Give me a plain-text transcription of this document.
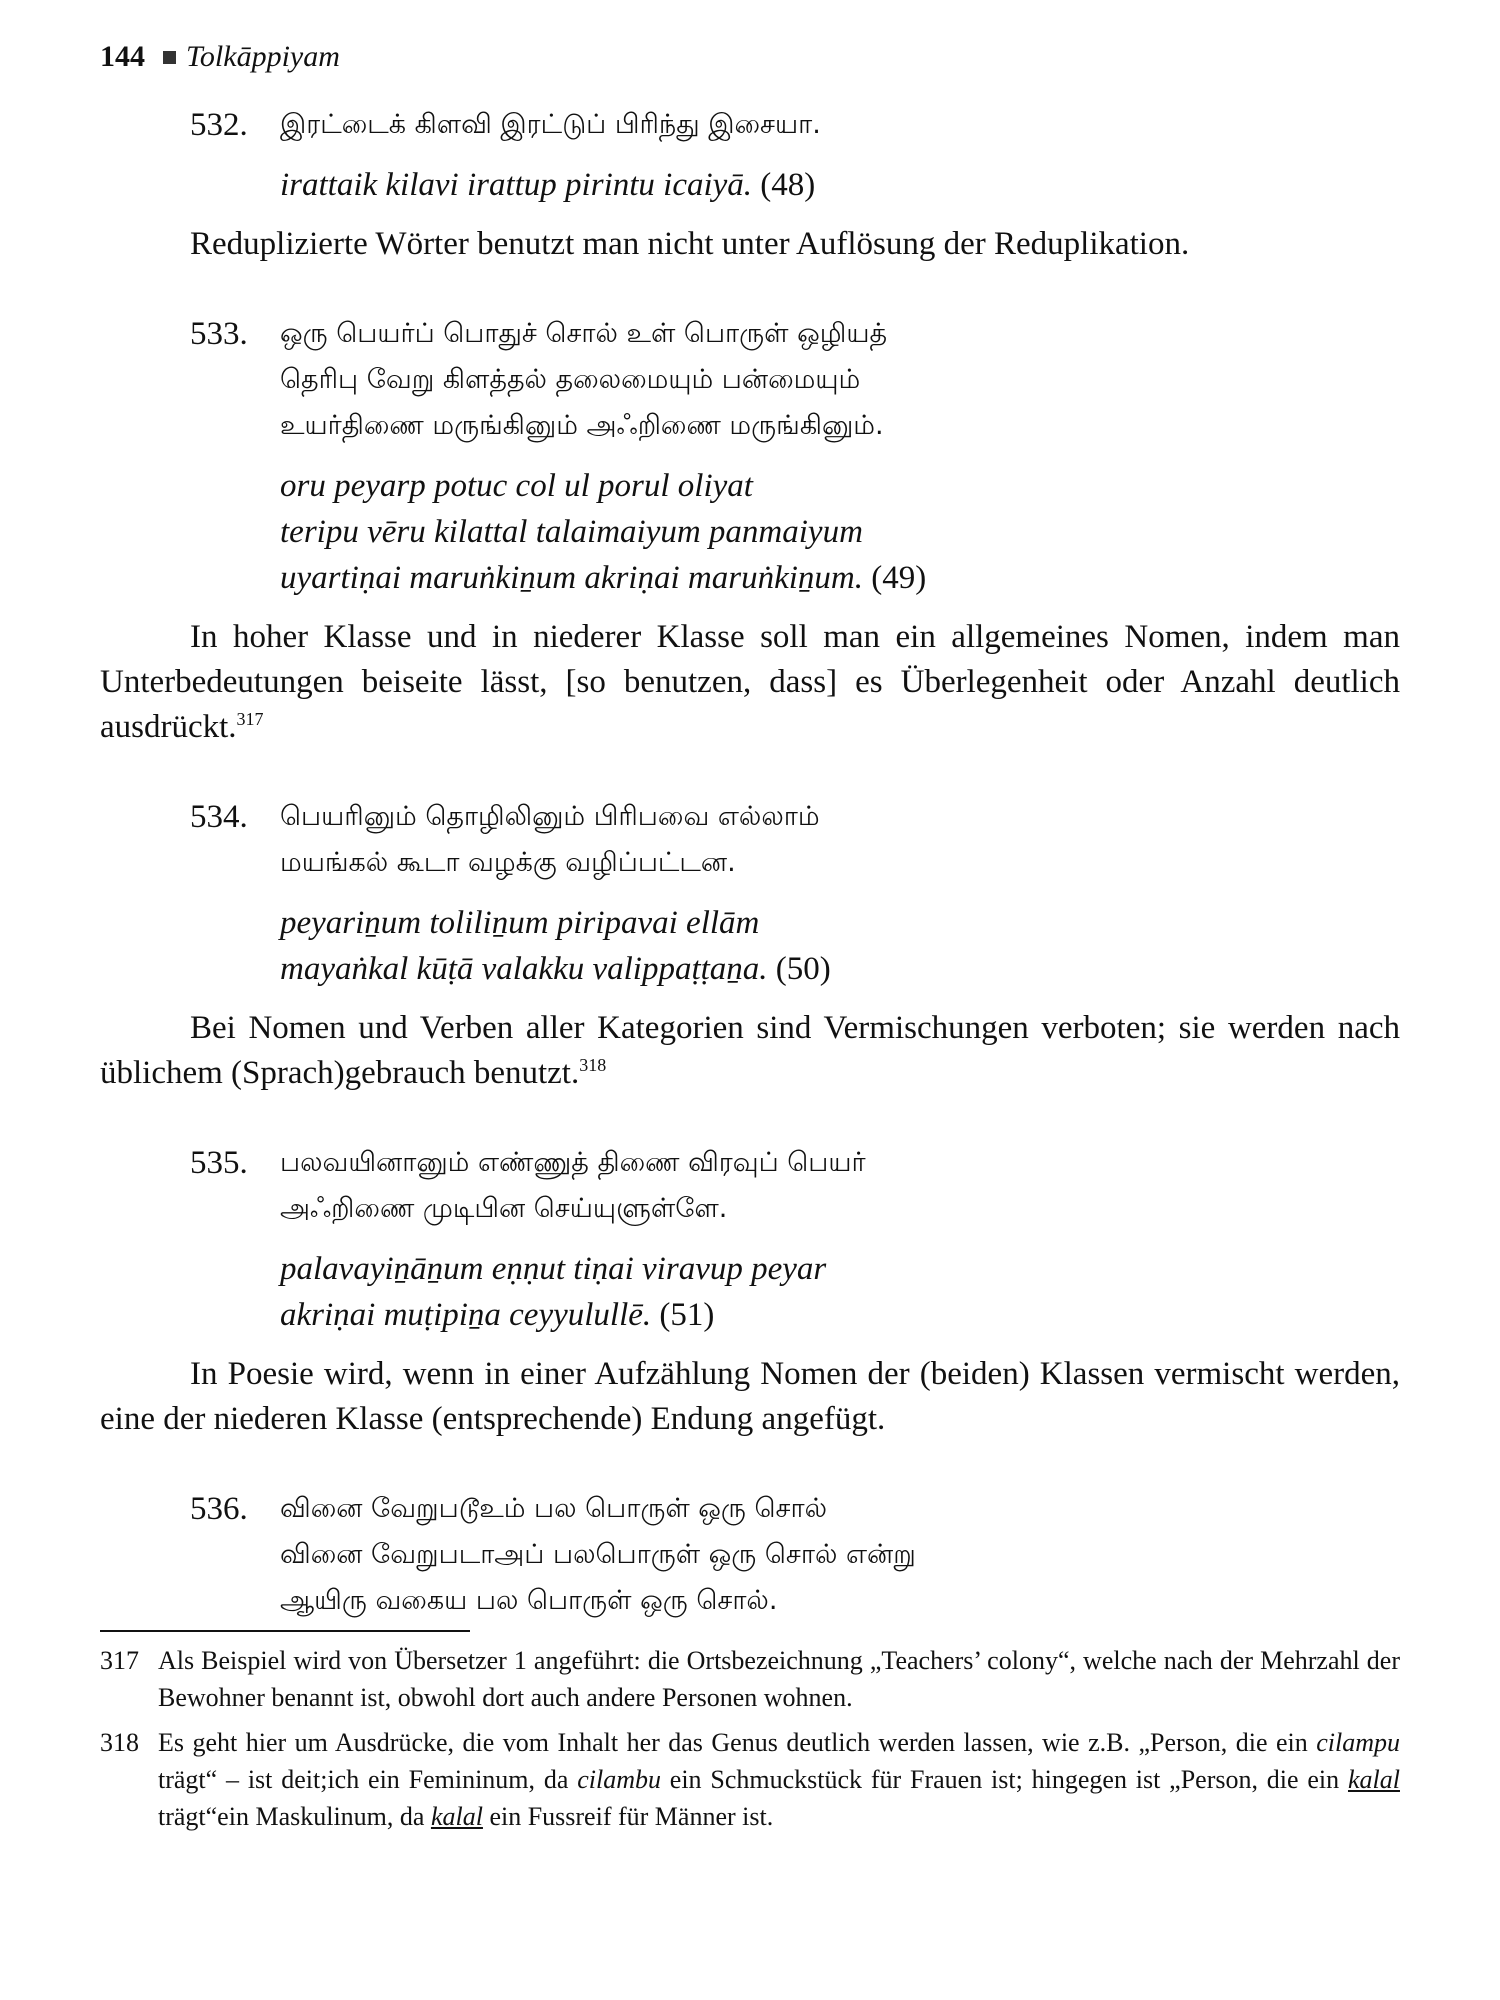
144 Tolkāppiyam
532.	இரட்டைக் கிளவி இரட்டுப் பிரிந்து இசையா.
irattaik kilavi irattup pirintu icaiyā. (48)

Reduplizierte Wörter benutzt man nicht unter Auflösung der Reduplikation.

533.	ஒரு பெயர்ப் பொதுச் சொல் உள் பொருள் ஒழியத்
தெரிபு வேறு கிளத்தல் தலைமையும் பன்மையும்
உயர்திணை மருங்கினும் அஃறிணை மருங்கினும்.
oru peyarp potuc col ul porul oliyat
teripu vēru kilattal talaimaiyum panmaiyum
uyartiṇai maruṅkiṉum akriṇai maruṅkiṉum. (49)

In hoher Klasse und in niederer Klasse soll man ein allgemeines Nomen, indem man Unterbedeutungen beiseite lässt, [so benutzen, dass] es Überlegenheit oder Anzahl deutlich ausdrückt.$^{317}$

534.	பெயரினும் தொழிலினும் பிரிபவை எல்லாம்
மயங்கல் கூடா வழக்கு வழிப்பட்டன.
peyariṉum toliliṉum piripavai ellām
mayaṅkal kūṭā valakku valippaṭṭaṉa. (50)

Bei Nomen und Verben aller Kategorien sind Vermischungen verboten; sie werden nach üblichem (Sprach)gebrauch benutzt.$^{318}$

535.	பலவயினானும் எண்ணுத் திணை விரவுப் பெயர்
அஃறிணை முடிபின செய்யுளுள்ளே.
palavayiṉāṉum eṇṇut tiṇai viravup peyar
akriṇai muṭipiṉa ceyyulullē. (51)

In Poesie wird, wenn in einer Aufzählung Nomen der (beiden) Klassen vermischt werden, eine der niederen Klasse (entsprechende) Endung angefügt.

536.	வினை வேறுபடூஉம் பல பொருள் ஒரு சொல்
வினை வேறுபடாஅப் பலபொருள் ஒரு சொல் என்று
ஆயிரு வகைய பல பொருள் ஒரு சொல்.
317 Als Beispiel wird von Übersetzer 1 angeführt: die Ortsbezeichnung „Teachers’ colony“, welche nach der Mehrzahl der Bewohner benannt ist, obwohl dort auch andere Personen wohnen.
318 Es geht hier um Ausdrücke, die vom Inhalt her das Genus deutlich werden lassen, wie z.B. „Person, die ein cilampu trägt“ – ist deit;ich ein Femininum, da cilambu ein Schmuckstück für Frauen ist; hingegen ist „Person, die ein kalal trägt“ein Maskulinum, da kalal ein Fussreif für Männer ist.
